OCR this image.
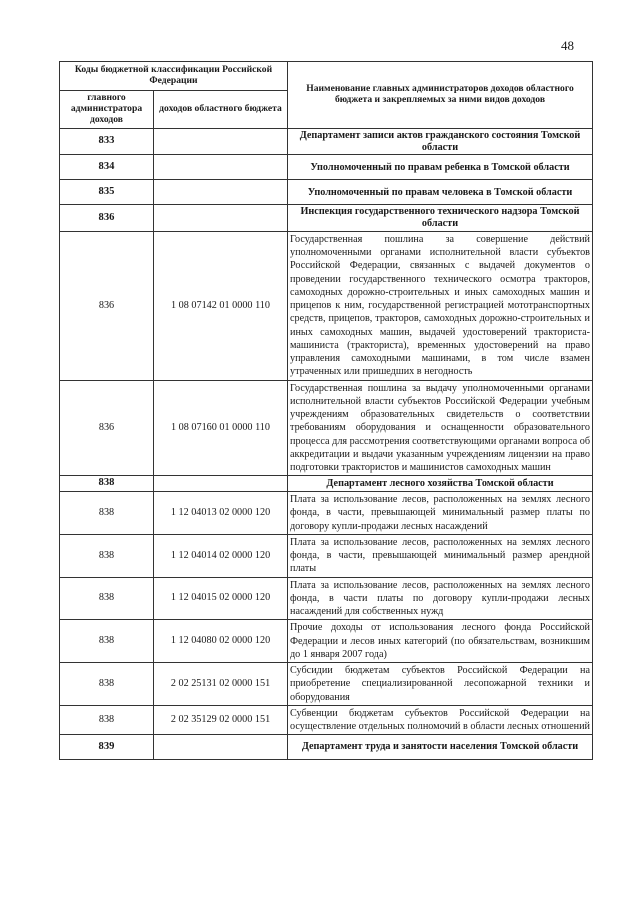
48
Коды бюджетной классификации Российской Федерации		Наименование главных администраторов доходов областного бюджета и закрепляемых за ними видов доходов
главного администратора доходов	доходов областного бюджета	
833		Департамент записи актов гражданского состояния Томской области
834		Уполномоченный по правам ребенка в Томской области
835		Уполномоченный по правам человека в Томской области
836		Инспекция государственного технического надзора Томской области
836	1 08 07142 01 0000 110	Государственная пошлина за совершение действий уполномоченными органами исполнительной власти субъектов Российской Федерации, связанных с выдачей документов о проведении государственного технического осмотра тракторов, самоходных дорожно-строительных и иных самоходных машин и прицепов к ним, государственной регистрацией мототранспортных средств, прицепов, тракторов, самоходных дорожно-строительных и иных самоходных машин, выдачей удостоверений тракториста-машиниста (тракториста), временных удостоверений на право управления самоходными машинами, в том числе взамен утраченных или пришедших в негодность
836	1 08 07160 01 0000 110	Государственная пошлина за выдачу уполномоченными органами исполнительной власти субъектов Российской Федерации учебным учреждениям образовательных свидетельств о соответствии требованиям оборудования и оснащенности образовательного процесса для рассмотрения соответствующими органами вопроса об аккредитации и выдачи указанным учреждениям лицензии на право подготовки трактористов и машинистов самоходных машин
838		Департамент лесного хозяйства Томской области
838	1 12 04013 02 0000 120	Плата за использование лесов, расположенных на землях лесного фонда, в части, превышающей минимальный размер платы по договору купли-продажи лесных насаждений
838	1 12 04014 02 0000 120	Плата за использование лесов, расположенных на землях лесного фонда, в части, превышающей минимальный размер арендной платы
838	1 12 04015 02 0000 120	Плата за использование лесов, расположенных на землях лесного фонда, в части платы по договору купли-продажи лесных насаждений для собственных нужд
838	1 12 04080 02 0000 120	Прочие доходы от использования лесного фонда Российской Федерации и лесов иных категорий (по обязательствам, возникшим до 1 января 2007 года)
838	2 02 25131 02 0000 151	Субсидии бюджетам субъектов Российской Федерации на приобретение специализированной лесопожарной техники и оборудования
838	2 02 35129 02 0000 151	Субвенции бюджетам субъектов Российской Федерации на осуществление отдельных полномочий в области лесных отношений
839		Департамент труда и занятости населения Томской области
